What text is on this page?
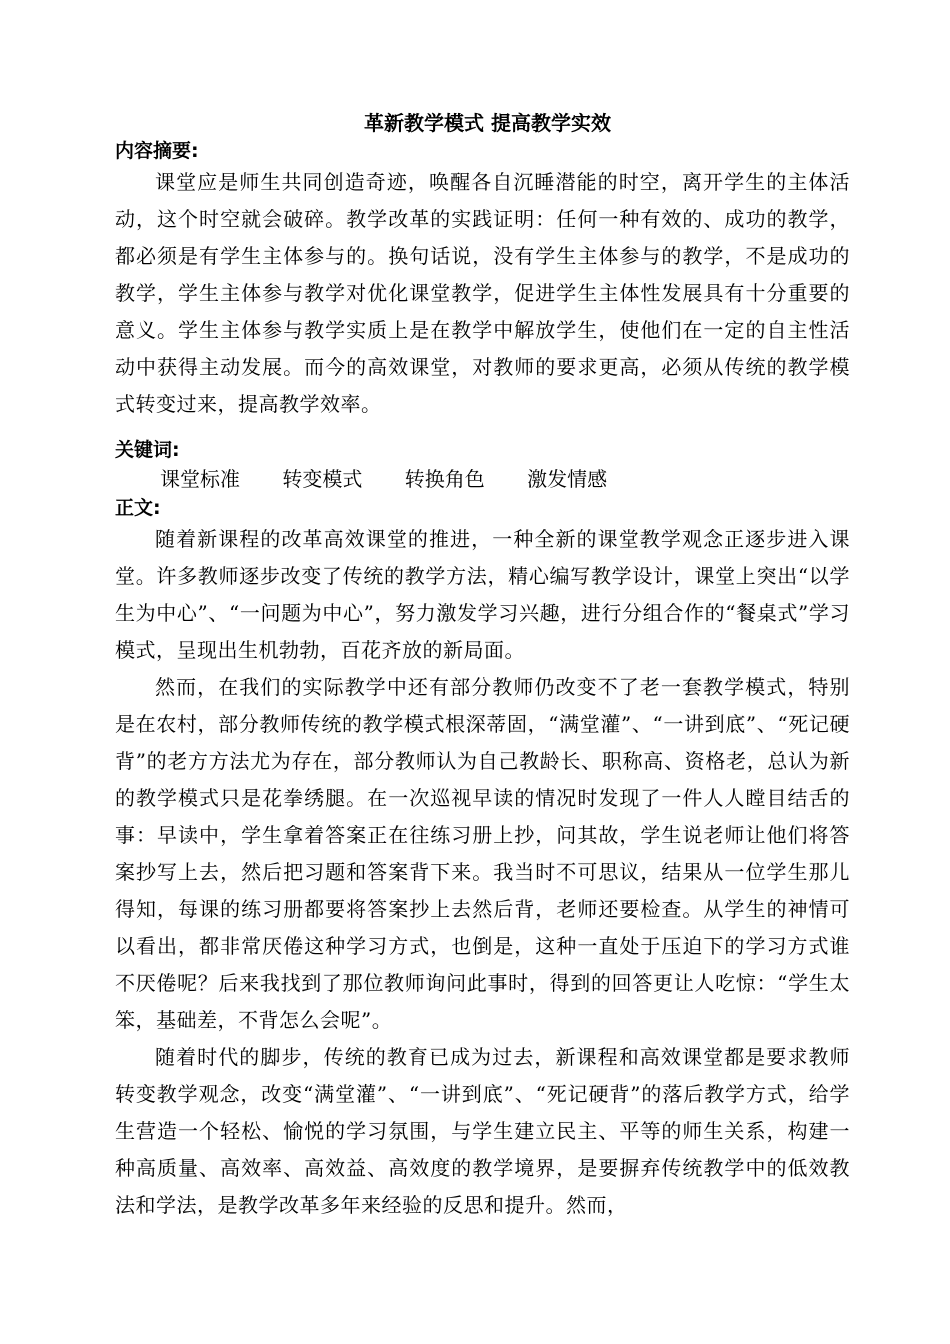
革新教学模式 提高教学实效
内容摘要:

课堂应是师生共同创造奇迹，唤醒各自沉睡潜能的时空，离开学生的主体活动，这个时空就会破碎。教学改革的实践证明：任何一种有效的、成功的教学，都必须是有学生主体参与的。换句话说，没有学生主体参与的教学，不是成功的教学，学生主体参与教学对优化课堂教学，促进学生主体性发展具有十分重要的意义。学生主体参与教学实质上是在教学中解放学生，使他们在一定的自主性活动中获得主动发展。而今的高效课堂，对教师的要求更高，必须从传统的教学模式转变过来，提高教学效率。

关键词:
课堂标准 转变模式 转换角色 激发情感
正文:

随着新课程的改革高效课堂的推进，一种全新的课堂教学观念正逐步进入课堂。许多教师逐步改变了传统的教学方法，精心编写教学设计，课堂上突出“以学生为中心”、“一问题为中心”，努力激发学习兴趣，进行分组合作的“餐桌式”学习模式，呈现出生机勃勃，百花齐放的新局面。

然而，在我们的实际教学中还有部分教师仍改变不了老一套教学模式，特别是在农村，部分教师传统的教学模式根深蒂固，“满堂灌”、“一讲到底”、“死记硬背”的老方方法尤为存在，部分教师认为自己教龄长、职称高、资格老，总认为新的教学模式只是花拳绣腿。在一次巡视早读的情况时发现了一件人人瞠目结舌的事：早读中，学生拿着答案正在往练习册上抄，问其故，学生说老师让他们将答案抄写上去，然后把习题和答案背下来。我当时不可思议，结果从一位学生那儿得知，每课的练习册都要将答案抄上去然后背，老师还要检查。从学生的神情可以看出，都非常厌倦这种学习方式，也倒是，这种一直处于压迫下的学习方式谁不厌倦呢？后来我找到了那位教师询问此事时，得到的回答更让人吃惊：“学生太笨，基础差，不背怎么会呢”。

随着时代的脚步，传统的教育已成为过去，新课程和高效课堂都是要求教师转变教学观念，改变“满堂灌”、“一讲到底”、“死记硬背”的落后教学方式，给学生营造一个轻松、愉悦的学习氛围，与学生建立民主、平等的师生关系，构建一种高质量、高效率、高效益、高效度的教学境界，是要摒弃传统教学中的低效教法和学法，是教学改革多年来经验的反思和提升。然而，
